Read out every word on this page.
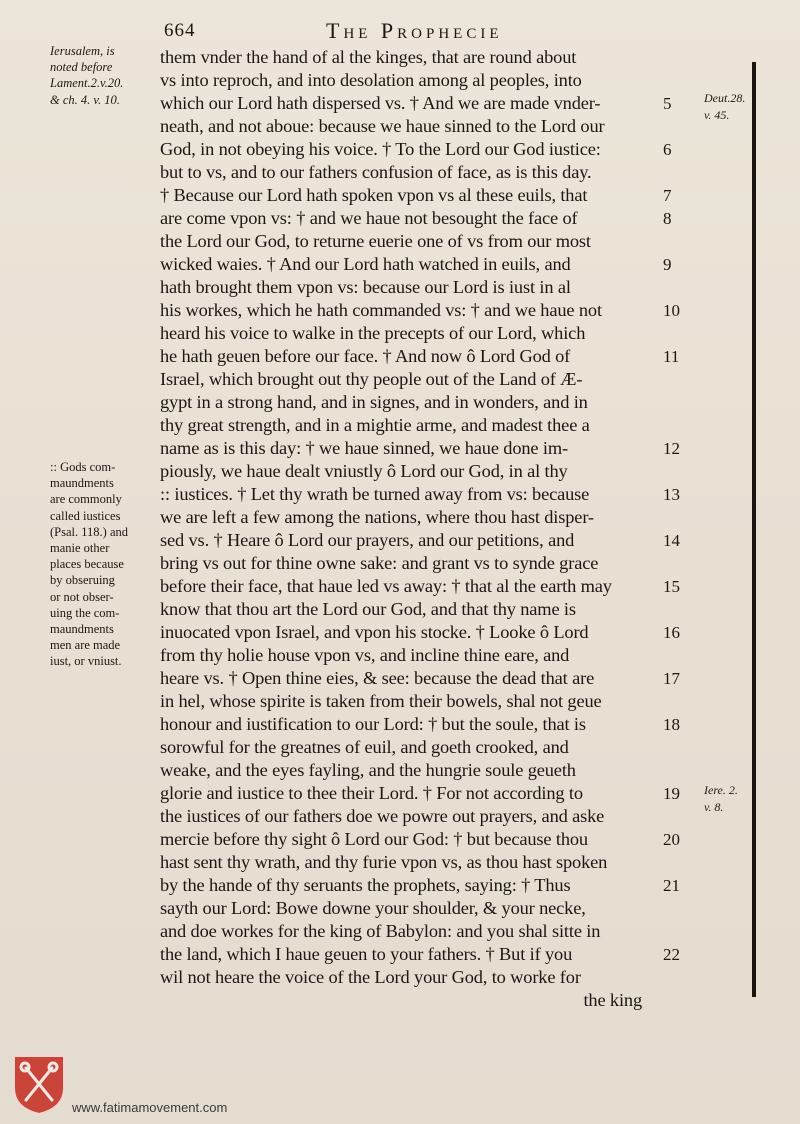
664	The Prophecie
Ierusalem, is
noted before
Lament.2.v.20.
& ch. 4. v. 10.
:: Gods com-
maundments
are commonly
called iustices
(Psal. 118.) and
manie other
places because
by obseruing
or not obser-
uing the com-
maundments
men are made
iust, or vniust.
them vnder the hand of al the kinges, that are round about
vs into reproch, and into desolation among al peoples, into
which our Lord hath dispersed vs. † And we are made vnder-
neath, and not aboue: because we haue sinned to the Lord our
God, in not obeying his voice. † To the Lord our God iustice:
but to vs, and to our fathers confusion of face, as is this day.
† Because our Lord hath spoken vpon vs al these euils, that
are come vpon vs: † and we haue not besought the face of
the Lord our God, to returne euerie one of vs from our most
wicked waies. † And our Lord hath watched in euils, and
hath brought them vpon vs: because our Lord is iust in al
his workes, which he hath commanded vs: † and we haue not
heard his voice to walke in the precepts of our Lord, which
he hath geuen before our face. † And now ô Lord God of
Israel, which brought out thy people out of the Land of Æ-
gypt in a strong hand, and in signes, and in wonders, and in
thy great strength, and in a mightie arme, and madest thee a
name as is this day: † we haue sinned, we haue done im-
piously, we haue dealt vniustly ô Lord our God, in al thy
:: iustices. † Let thy wrath be turned away from vs: because
we are left a few among the nations, where thou hast disper-
sed vs. † Heare ô Lord our prayers, and our petitions, and
bring vs out for thine owne sake: and grant vs to synde grace
before their face, that haue led vs away: † that al the earth may
know that thou art the Lord our God, and that thy name is
inuocated vpon Israel, and vpon his stocke. † Looke ô Lord
from thy holie house vpon vs, and incline thine eare, and
heare vs. † Open thine eies, & see: because the dead that are
in hel, whose spirite is taken from their bowels, shal not geue
honour and iustification to our Lord: † but the soule, that is
sorowful for the greatnes of euil, and goeth crooked, and
weake, and the eyes fayling, and the hungrie soule geueth
glorie and iustice to thee their Lord. † For not according to
the iustices of our fathers doe we powre out prayers, and aske
mercie before thy sight ô Lord our God: † but because thou
hast sent thy wrath, and thy furie vpon vs, as thou hast spoken
by the hande of thy seruants the prophets, saying: † Thus
sayth our Lord: Bowe downe your shoulder, & your necke,
and doe workes for the king of Babylon: and you shal sitte in
the land, which I haue geuen to your fathers. † But if you
wil not heare the voice of the Lord your God, to worke for
the king
5
6
7
8
9
10
11
12
13
14
15
16
17
18
19
20
21
22
Deut.28.
v. 45.
Iere. 2.
v. 8.
www.fatimamovement.com
